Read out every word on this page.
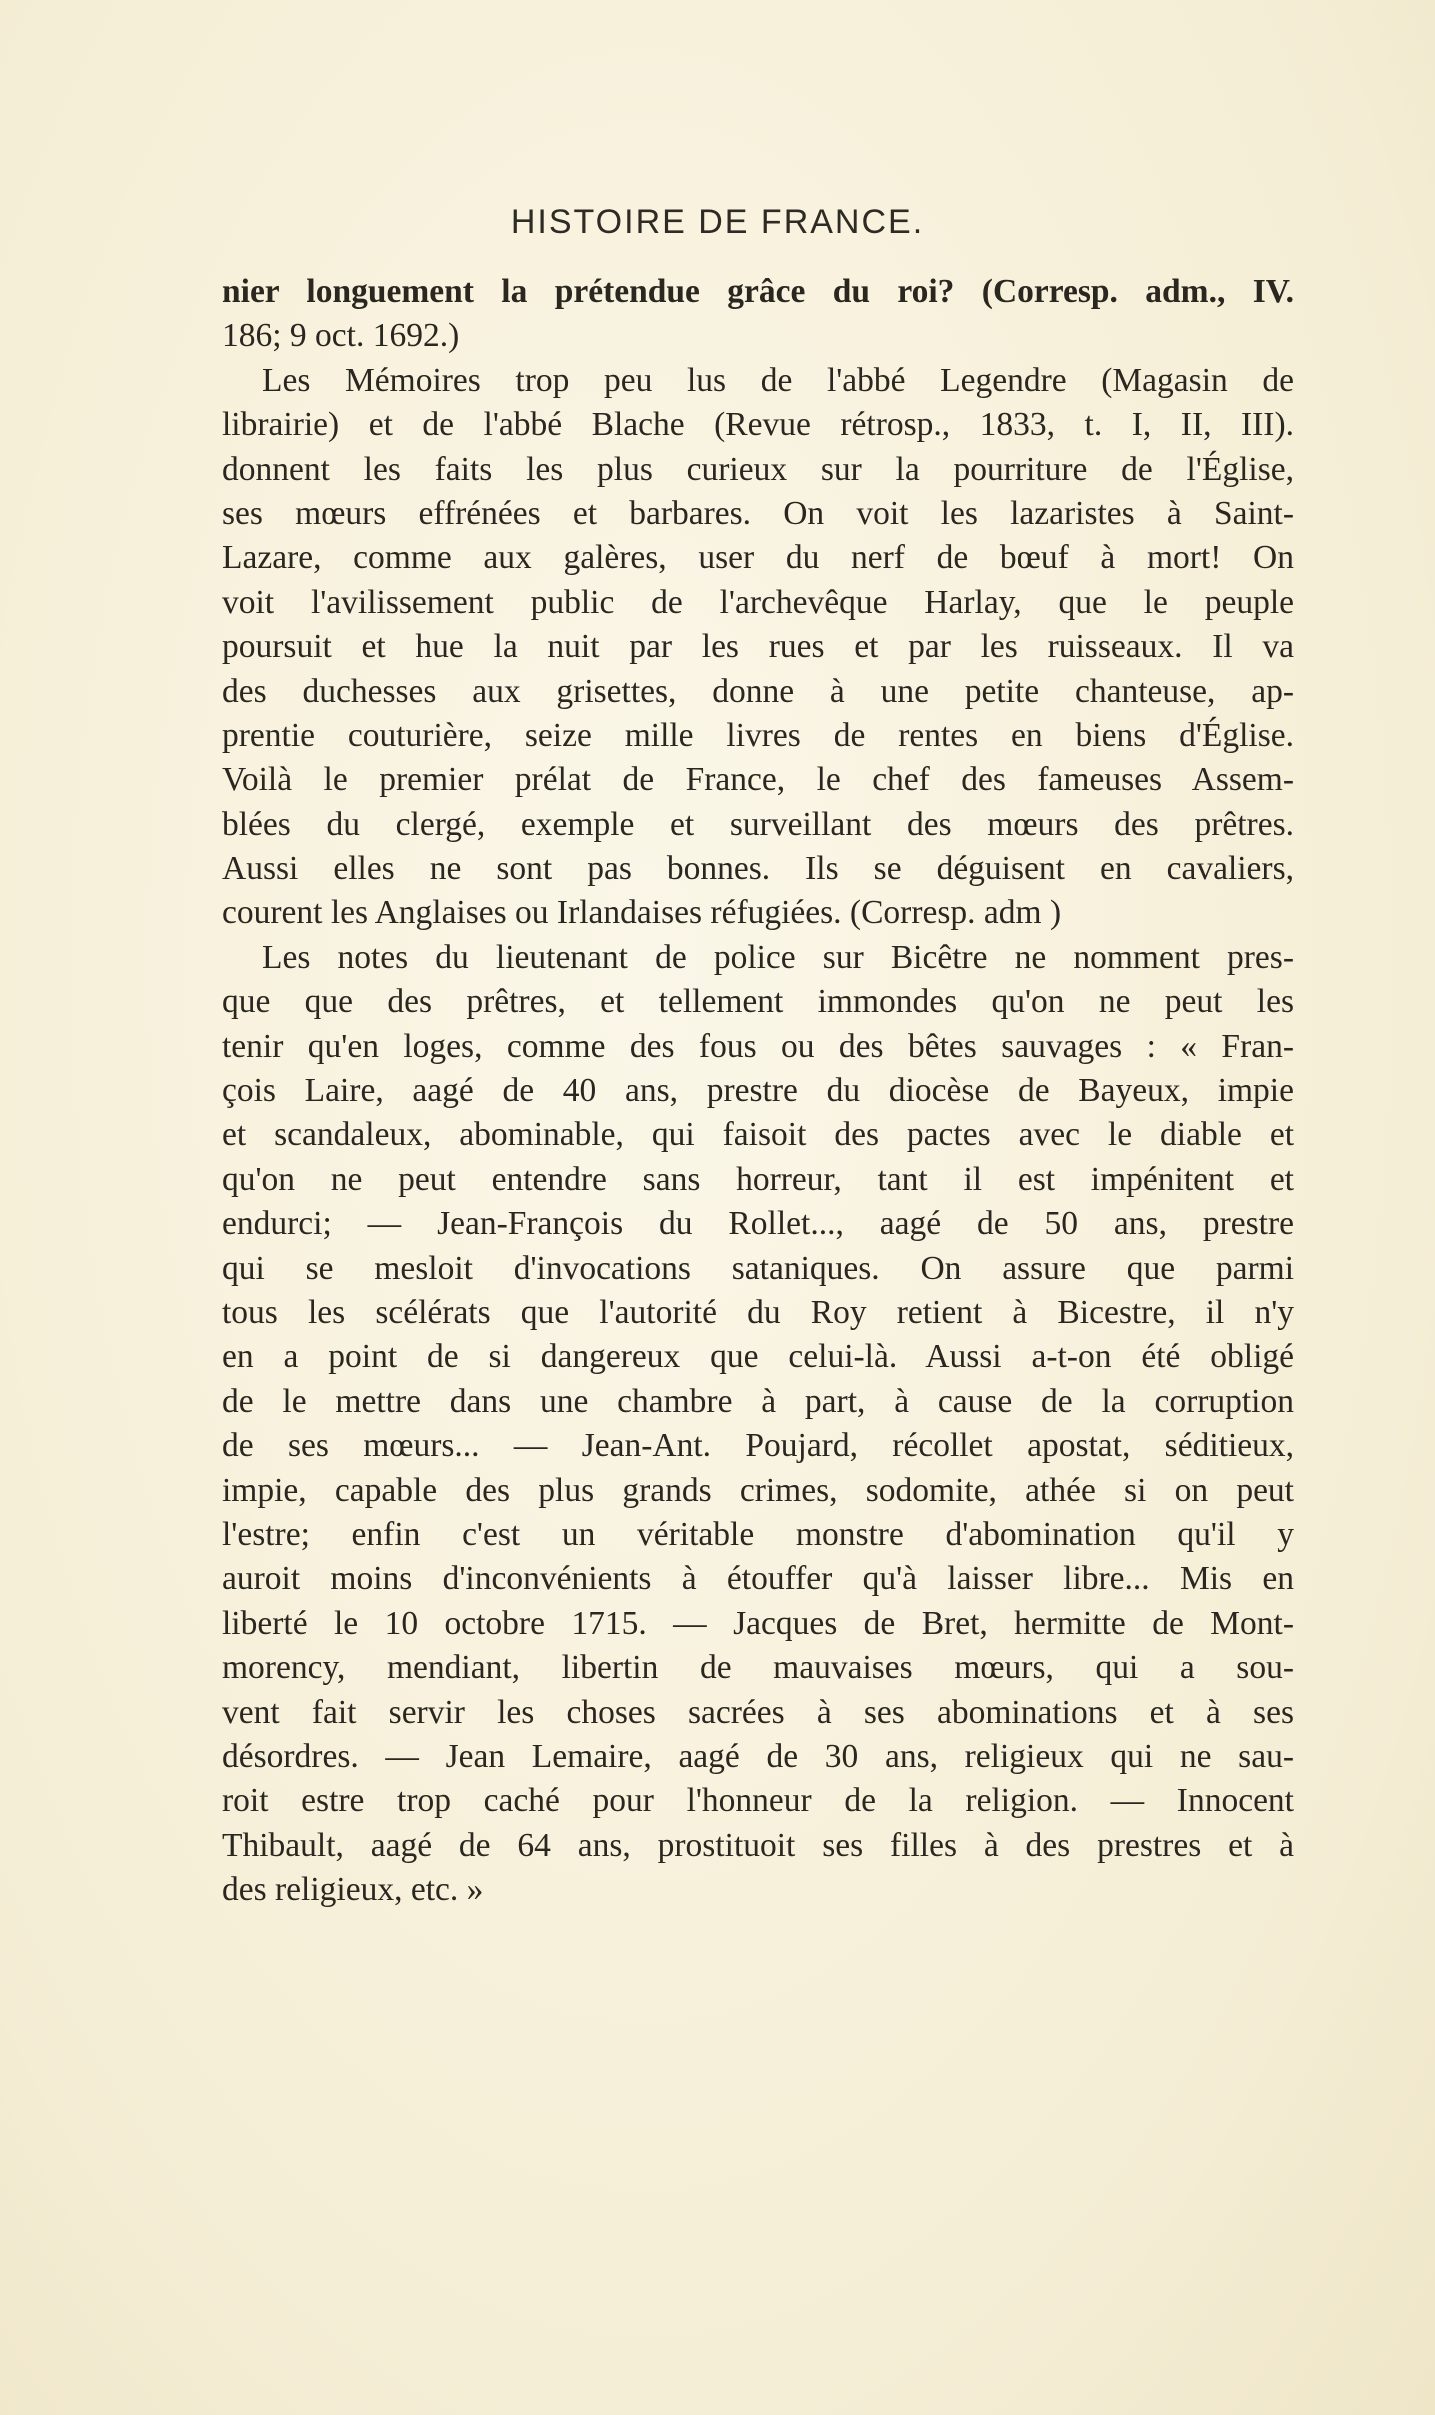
HISTOIRE DE FRANCE.
nier longuement la prétendue grâce du roi? (Corresp. adm., IV.
186; 9 oct. 1692.)
Les Mémoires trop peu lus de l'abbé Legendre (Magasin de
librairie) et de l'abbé Blache (Revue rétrosp., 1833, t. I, II, III).
donnent les faits les plus curieux sur la pourriture de l'Église,
ses mœurs effrénées et barbares. On voit les lazaristes à Saint-
Lazare, comme aux galères, user du nerf de bœuf à mort! On
voit l'avilissement public de l'archevêque Harlay, que le peuple
poursuit et hue la nuit par les rues et par les ruisseaux. Il va
des duchesses aux grisettes, donne à une petite chanteuse, ap-
prentie couturière, seize mille livres de rentes en biens d'Église.
Voilà le premier prélat de France, le chef des fameuses Assem-
blées du clergé, exemple et surveillant des mœurs des prêtres.
Aussi elles ne sont pas bonnes. Ils se déguisent en cavaliers,
courent les Anglaises ou Irlandaises réfugiées. (Corresp. adm )
Les notes du lieutenant de police sur Bicêtre ne nomment pres-
que que des prêtres, et tellement immondes qu'on ne peut les
tenir qu'en loges, comme des fous ou des bêtes sauvages : « Fran-
çois Laire, aagé de 40 ans, prestre du diocèse de Bayeux, impie
et scandaleux, abominable, qui faisoit des pactes avec le diable et
qu'on ne peut entendre sans horreur, tant il est impénitent et
endurci; — Jean-François du Rollet..., aagé de 50 ans, prestre
qui se mesloit d'invocations sataniques. On assure que parmi
tous les scélérats que l'autorité du Roy retient à Bicestre, il n'y
en a point de si dangereux que celui-là. Aussi a-t-on été obligé
de le mettre dans une chambre à part, à cause de la corruption
de ses mœurs... — Jean-Ant. Poujard, récollet apostat, séditieux,
impie, capable des plus grands crimes, sodomite, athée si on peut
l'estre; enfin c'est un véritable monstre d'abomination qu'il y
auroit moins d'inconvénients à étouffer qu'à laisser libre... Mis en
liberté le 10 octobre 1715. — Jacques de Bret, hermitte de Mont-
morency, mendiant, libertin de mauvaises mœurs, qui a sou-
vent fait servir les choses sacrées à ses abominations et à ses
désordres. — Jean Lemaire, aagé de 30 ans, religieux qui ne sau-
roit estre trop caché pour l'honneur de la religion. — Innocent
Thibault, aagé de 64 ans, prostituoit ses filles à des prestres et à
des religieux, etc. »
